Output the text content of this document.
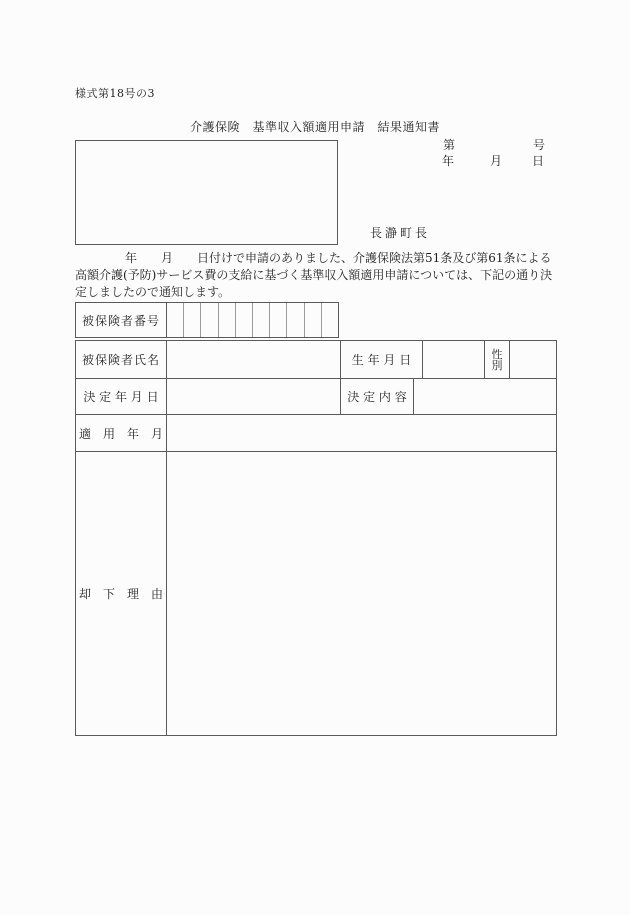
様式第18号の3
介護保険　基準収入額適用申請　結果通知書
第	号
年	月 日
長瀞町長
年　　月　　日付けで申請のありました、介護保険法第51条及び第61条による
高額介護(予防)サービス費の支給に基づく基準収入額適用申請については、下記の通り決
定しましたので通知します。
被保険者番号
被保険者氏名	生 年 月 日	性
別
決 定 年 月 日	決 定 内 容
適　用　年　月
却　下　理　由
